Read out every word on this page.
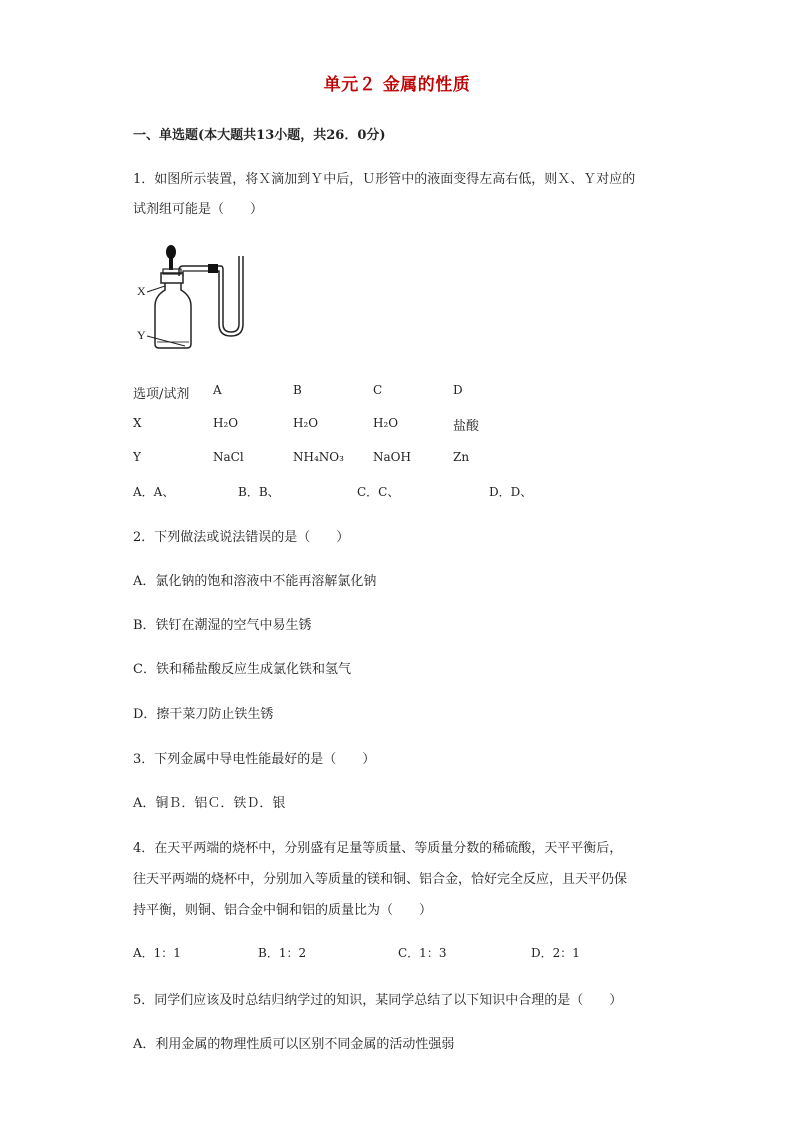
单元２ 金属的性质
一、单选题(本大题共13小题，共26．0分)
1．如图所示装置，将Ｘ滴加到Ｙ中后，Ｕ形管中的液面变得左高右低，则Ｘ、Ｙ对应的
试剂组可能是（　　）
X
Y
选项/试剂 A	B	C	D
X	H₂O	H₂O	H₂O	盐酸
Y	NaCl	NH₄NO₃ NaOH	Zn
A．A、	B．B、	C．C、	D．D、
2．下列做法或说法错误的是（　　）
A．氯化钠的饱和溶液中不能再溶解氯化钠
B．铁钉在潮湿的空气中易生锈
C．铁和稀盐酸反应生成氯化铁和氢气
D．擦干菜刀防止铁生锈
3．下列金属中导电性能最好的是（　　）
A．铜Ｂ．铝Ｃ．铁Ｄ．银
4．在天平两端的烧杯中，分别盛有足量等质量、等质量分数的稀硫酸，天平平衡后，
往天平两端的烧杯中，分别加入等质量的镁和铜、铝合金，恰好完全反应，且天平仍保
持平衡，则铜、铝合金中铜和铝的质量比为（　　）
A．1：1	B．1：2	C．1：3	D．2：1
5．同学们应该及时总结归纳学过的知识，某同学总结了以下知识中合理的是（　　）
A．利用金属的物理性质可以区别不同金属的活动性强弱
